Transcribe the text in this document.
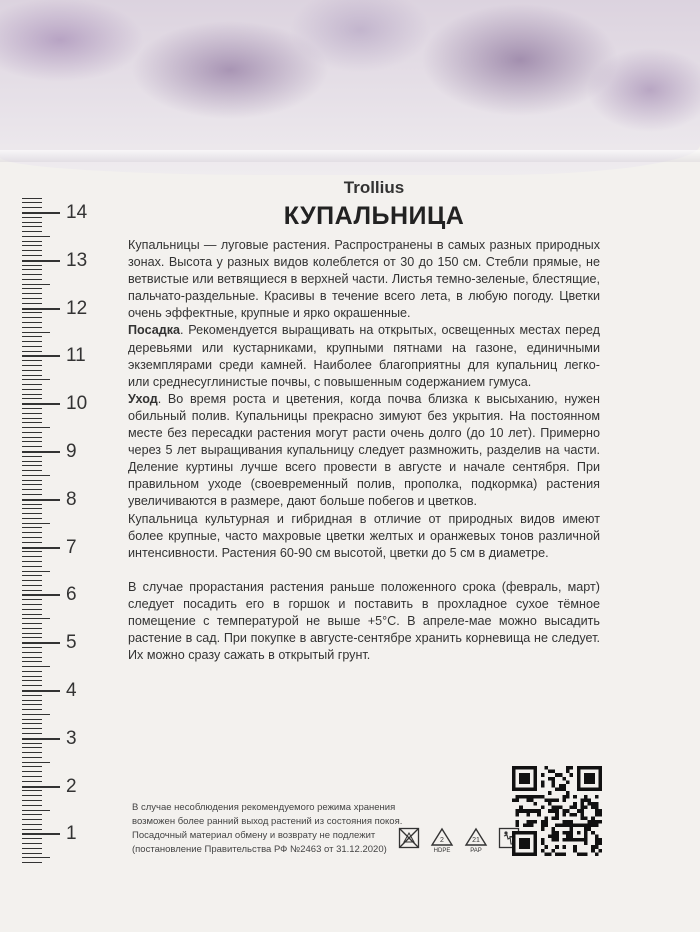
14
13
12
11
10
9
8
7
6
5
4
3
2
1
Trollius
КУПАЛЬНИЦА

Купальницы — луговые растения. Распространены в самых разных природных зонах. Высота у разных видов колеблется от 30 до 150 см. Стебли прямые, не ветвистые или ветвящиеся в верхней части. Листья темно-зеленые, блестящие, пальчато-раздельные. Красивы в течение всего лета, в любую погоду. Цветки очень эффектные, крупные и ярко окрашенные.

Посадка. Рекомендуется выращивать на открытых, освещенных местах перед деревьями или кустарниками, крупными пятнами на газоне, единичными экземплярами среди камней. Наиболее благоприятны для купальниц легко- или среднесуглинистые почвы, с повышенным содержанием гумуса.

Уход. Во время роста и цветения, когда почва близка к высыханию, нужен обильный полив. Купальницы прекрасно зимуют без укрытия. На постоянном месте без пересадки растения могут расти очень долго (до 10 лет). Примерно через 5 лет выращивания купальницу следует размножить, разделив на части. Деление куртины лучше всего провести в августе и начале сентября. При правильном уходе (своевременный полив, прополка, подкормка) растения увеличиваются в размере, дают больше побегов и цветков.

Купальница культурная и гибридная в отличие от природных видов имеют более крупные, часто махровые цветки желтых и оранжевых тонов различной интенсивности. Растения 60-90 см высотой, цветки до 5 см в диаметре.

В случае прорастания растения раньше положенного срока (февраль, март) следует посадить его в горшок и поставить в прохладное сухое тёмное помещение с температурой не выше +5°С. В апреле-мае можно высадить растение в сад. При покупке в августе-сентябре хранить корневища не следует. Их можно сразу сажать в открытый грунт.

В случае несоблюдения рекомендуемого режима хранения

возможен более ранний выход растений из состояния покоя.

Посадочный материал обмену и возврату не подлежит

(постановление Правительства РФ №2463 от 31.12.2020)

2
HDPE
21
PAP
